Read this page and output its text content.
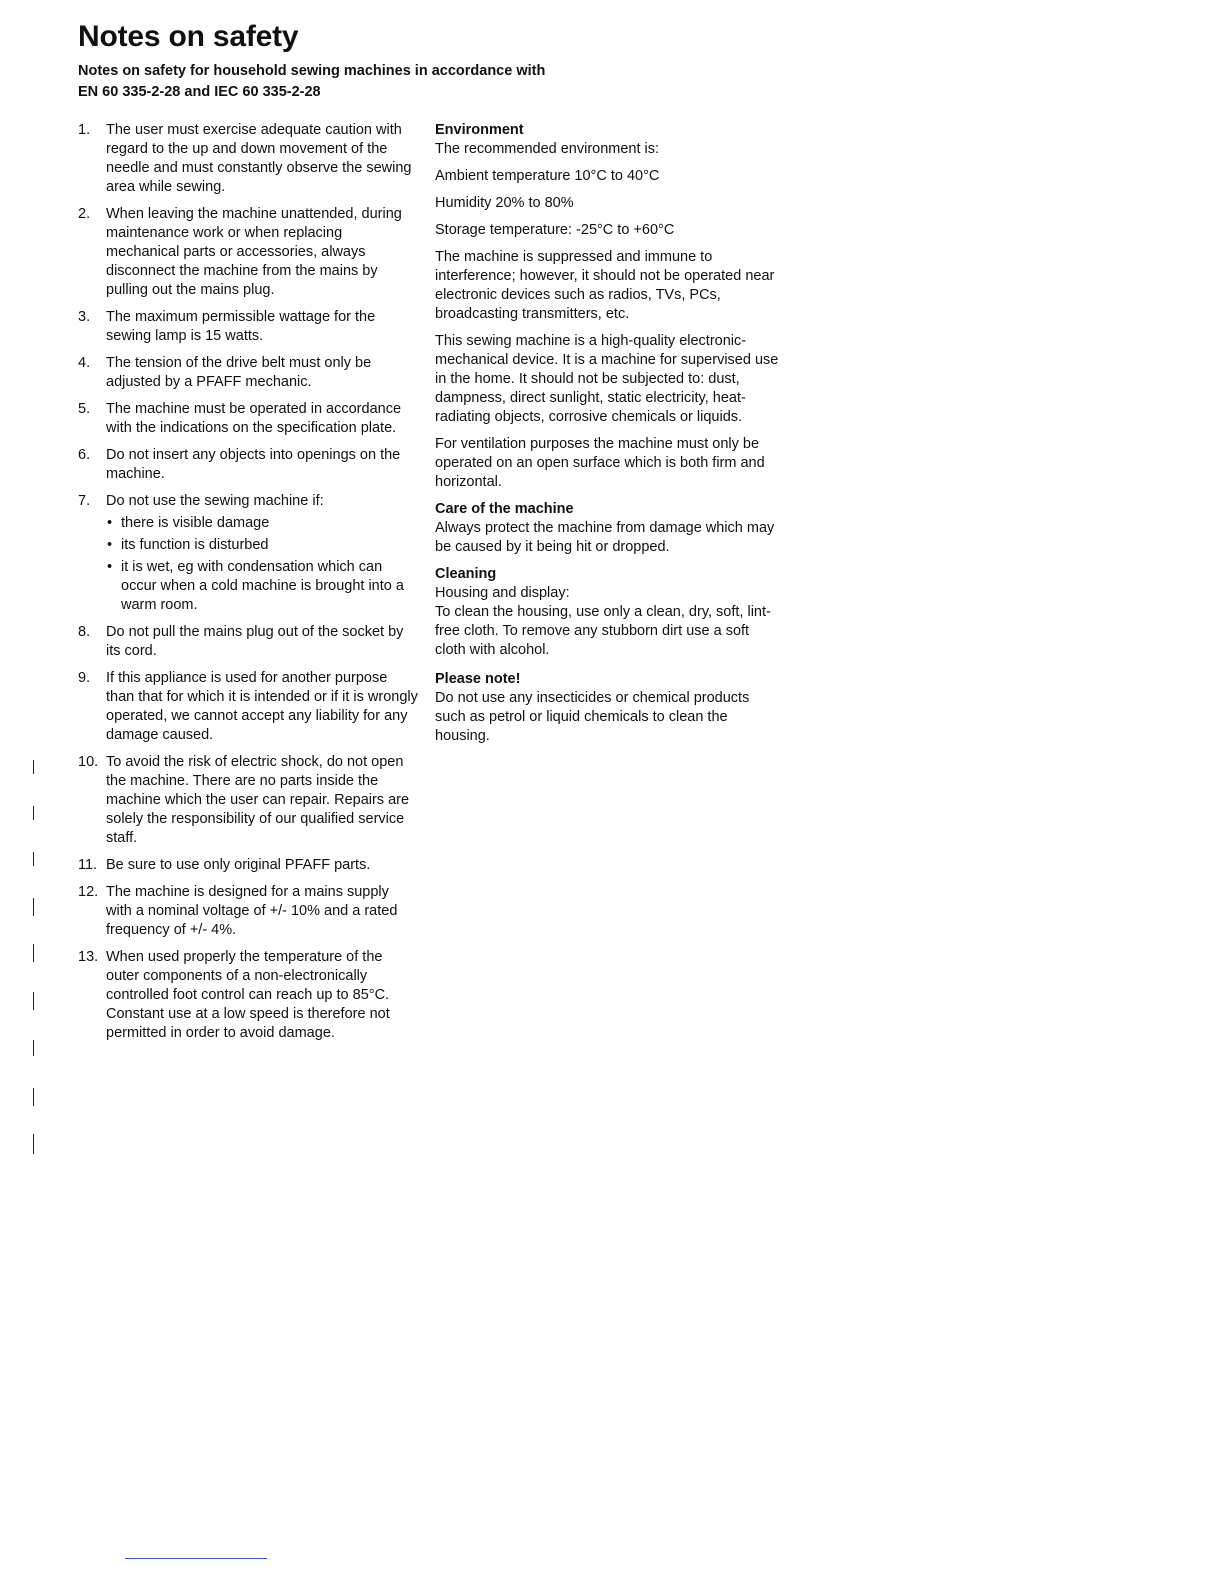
Notes on safety
Notes on safety for household sewing machines in accordance with
EN 60 335-2-28 and IEC 60 335-2-28
1. The user must exercise adequate caution with regard to the up and down movement of the needle and must constantly observe the sewing area while sewing.
2. When leaving the machine unattended, during maintenance work or when replacing mechanical parts or accessories, always disconnect the machine from the mains by pulling out the mains plug.
3. The maximum permissible wattage for the sewing lamp is 15 watts.
4. The tension of the drive belt must only be adjusted by a PFAFF mechanic.
5. The machine must be operated in accordance with the indications on the specification plate.
6. Do not insert any objects into openings on the machine.
7. Do not use the sewing machine if:
• there is visible damage
• its function is disturbed
• it is wet, eg with condensation which can occur when a cold machine is brought into a warm room.
8. Do not pull the mains plug out of the socket by its cord.
9. If this appliance is used for another purpose than that for which it is intended or if it is wrongly operated, we cannot accept any liability for any damage caused.
10. To avoid the risk of electric shock, do not open the machine. There are no parts inside the machine which the user can repair. Repairs are solely the responsibility of our qualified service staff.
11. Be sure to use only original PFAFF parts.
12. The machine is designed for a mains supply with a nominal voltage of +/- 10% and a rated frequency of +/- 4%.
13. When used properly the temperature of the outer components of a non-electronically controlled foot control can reach up to 85°C. Constant use at a low speed is therefore not permitted in order to avoid damage.

Environment

The recommended environment is:

Ambient temperature 10°C to 40°C

Humidity 20% to 80%

Storage temperature: -25°C to +60°C

The machine is suppressed and immune to interference; however, it should not be operated near electronic devices such as radios, TVs, PCs, broadcasting transmitters, etc.

This sewing machine is a high-quality electronic-mechanical device. It is a machine for supervised use in the home. It should not be subjected to: dust, dampness, direct sunlight, static electricity, heat-radiating objects, corrosive chemicals or liquids.

For ventilation purposes the machine must only be operated on an open surface which is both firm and horizontal.

Care of the machine

Always protect the machine from damage which may be caused by it being hit or dropped.

Cleaning

Housing and display:

To clean the housing, use only a clean, dry, soft, lint-free cloth. To remove any stubborn dirt use a soft cloth with alcohol.

Please note!

Do not use any insecticides or chemical products such as petrol or liquid chemicals to clean the housing.
